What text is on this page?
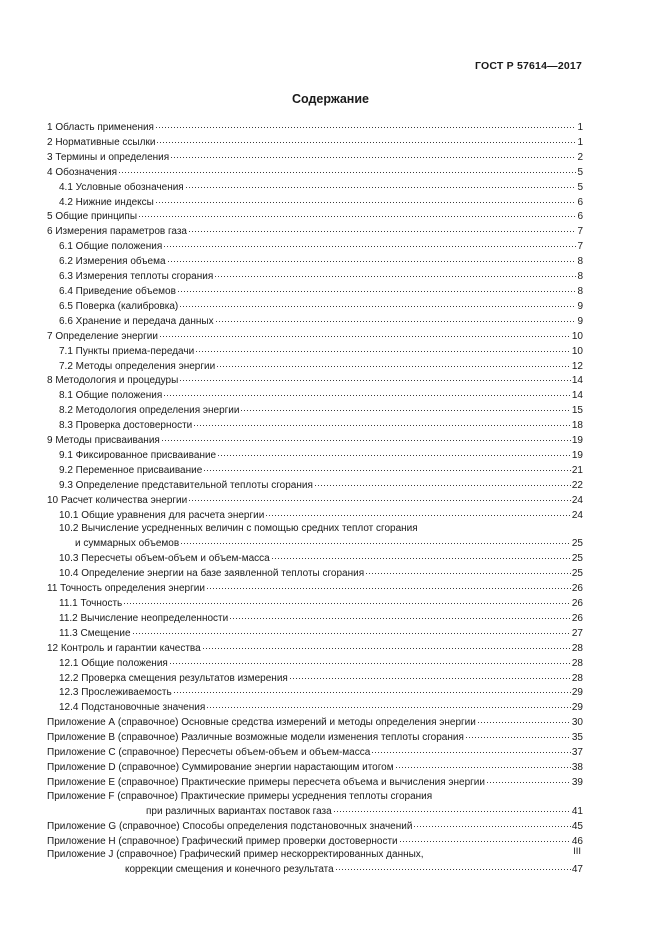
ГОСТ Р 57614—2017
Содержание
1 Область применения	1
2 Нормативные ссылки	1
3 Термины и определения	2
4 Обозначения	5
4.1 Условные обозначения	5
4.2 Нижние индексы	6
5 Общие принципы	6
6 Измерения параметров газа	7
6.1 Общие положения	7
6.2 Измерения объема	8
6.3 Измерения теплоты сгорания	8
6.4 Приведение объемов	8
6.5 Поверка (калибровка)	9
6.6 Хранение и передача данных	9
7 Определение энергии	10
7.1 Пункты приема-передачи	10
7.2 Методы определения энергии	12
8 Методология и процедуры	14
8.1 Общие положения	14
8.2 Методология определения энергии	15
8.3 Проверка достоверности	18
9 Методы присваивания	19
9.1 Фиксированное присваивание	19
9.2 Переменное присваивание	21
9.3 Определение представительной теплоты сгорания	22
10 Расчет количества энергии	24
10.1 Общие уравнения для расчета энергии	24
10.2 Вычисление усредненных величин с помощью средних теплот сгорания
и суммарных объемов	25
10.3 Пересчеты объем-объем и объем-масса	25
10.4 Определение энергии на базе заявленной теплоты сгорания	25
11 Точность определения энергии	26
11.1 Точность	26
11.2 Вычисление неопределенности	26
11.3 Смещение	27
12 Контроль и гарантии качества	28
12.1 Общие положения	28
12.2 Проверка смещения результатов измерения	28
12.3 Прослеживаемость	29
12.4 Подстановочные значения	29
Приложение А (справочное) Основные средства измерений и методы определения энергии	30
Приложение В (справочное) Различные возможные модели изменения теплоты сгорания	35
Приложение С (справочное) Пересчеты объем-объем и объем-масса	37
Приложение D (справочное) Суммирование энергии нарастающим итогом	38
Приложение Е (справочное) Практические примеры пересчета объема и вычисления энергии	39
Приложение F (справочное) Практические примеры усреднения теплоты сгорания
при различных вариантах поставок газа	41
Приложение G (справочное) Способы определения подстановочных значений	45
Приложение Н (справочное) Графический пример проверки достоверности	46
Приложение J (справочное) Графический пример нескорректированных данных,
коррекции смещения и конечного результата	47
III
